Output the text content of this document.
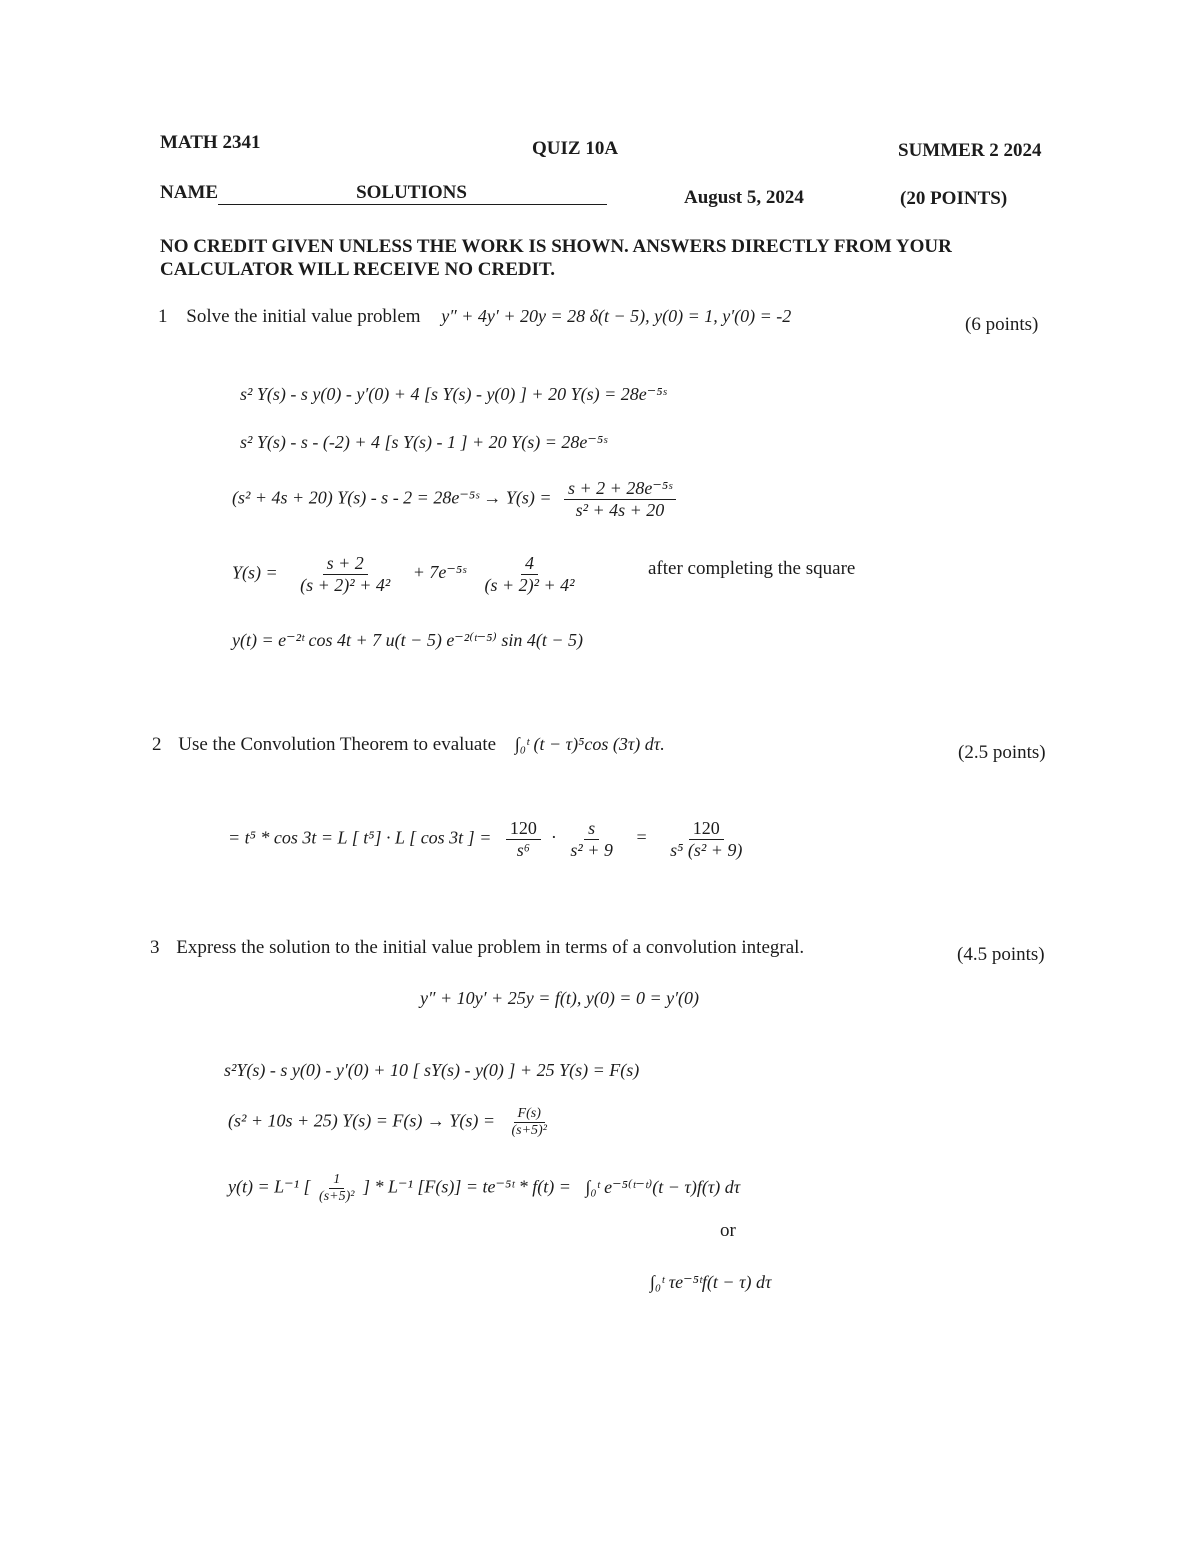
MATH 2341	QUIZ 10A	SUMMER 2 2024
NAME	SOLUTIONS	August 5, 2024	(20 POINTS)
NO CREDIT GIVEN UNLESS THE WORK IS SHOWN. ANSWERS DIRECTLY FROM YOUR
CALCULATOR WILL RECEIVE NO CREDIT.
1 Solve the initial value problem y″ + 4y′ + 20y = 28 δ(t − 5), y(0) = 1, y′(0) = -2	(6 points)
s² Y(s) - s y(0) - y′(0) + 4 [s Y(s) - y(0) ] + 20 Y(s) = 28e⁻⁵ˢ
s² Y(s) - s - (-2) + 4 [s Y(s) - 1 ] + 20 Y(s) = 28e⁻⁵ˢ
(s² + 4s + 20) Y(s) - s - 2 = 28e⁻⁵ˢ → $Y(s) = \frac{\text{s + 2 + 28e⁻⁵ˢ}}{\text{s² + 4s + 20}}$
$Y(s) = \frac{s + 2}{\text{(s + 2)² + 4²}}$ + 7e⁻⁵ˢ $\frac{4}{\text{(s + 2)² + 4²}}$	after completing the square
y(t) = e⁻²ᵗ cos 4t + 7 u(t − 5) e⁻²⁽ᵗ⁻⁵⁾ sin 4(t − 5)
2 Use the Convolution Theorem to evaluate ∫₀ᵗ (t − τ)⁵cos (3τ) dτ.	(2.5 points)
= t⁵ * cos 3t = L [ t⁵] · L [ cos 3t ] = $\frac{120}{\text{s⁶}} \cdot \frac{s}{\text{s² + 9}} = \frac{120}{\text{s⁵ (s² + 9)}}$
3 Express the solution to the initial value problem in terms of a convolution integral.	(4.5 points)
y″ + 10y′ + 25y = f(t), y(0) = 0 = y′(0)
s²Y(s) - s y(0) - y′(0) + 10 [ sY(s) - y(0) ] + 25 Y(s) = F(s)
(s² + 10s + 25) $Y(s) = F(s) \to Y(s) = \frac{F(s)}{\text{(s+5)²}}$
y(t) = L⁻¹ [ $\frac{1}{\text{(s+5)²}}$ ] * L⁻¹ [F(s)] = te⁻⁵ᵗ * f(t) = ∫₀ᵗ e⁻⁵⁽ᵗ⁻ᵗ⁾(t − τ)f(τ) dτ
or
∫₀ᵗ τe⁻⁵ᵗf(t − τ) dτ
